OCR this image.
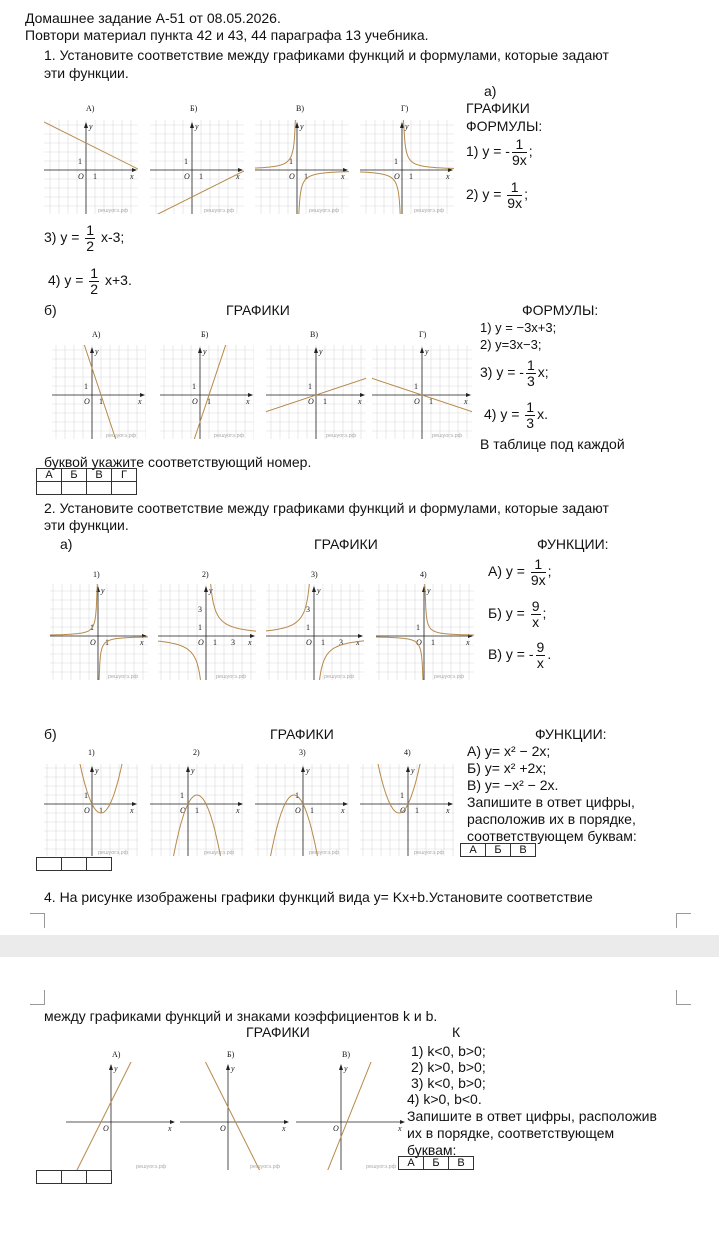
Домашнее задание А-51 от 08.05.2026.
Повтори материал пункта 42 и 43, 44 параграфа 13 учебника.
1. Установите соответствие между графиками функций и формулами, которые задают
эти функции.
а)
ГРАФИКИ
ФОРМУЛЫ:
1) y = - $\frac{1}{9x}$ ;
2) $y = \frac{1}{9x}$ ;
3) $y = \frac{1}{2} x-3$;
4) $y = \frac{1}{2} x+3$.
А)	Б)	В)	Г)
x
y
O 1
1
решуогэ.рф
x
y
O 1
1
решуогэ.рф
x
y
O 1
1
решуогэ.рф
x
y
O 1
1
решуогэ.рф
б)	ГРАФИКИ	ФОРМУЛЫ:
1) y = −3x+3;
2) y=3x−3;
3) y = - $\frac{1}{3} x$;
4) $y = \frac{1}{3} x$.
В таблице под каждой
буквой укажите соответствующий номер.
А)	Б)	В)	Г)
x
y
O 1
1
решуогэ.рф
x
y
O 1
1
решуогэ.рф
x
y
O 1
1
решуогэ.рф
x
y
O 1
1
решуогэ.рф
А	Б	В	Г

2. Установите соответствие между графиками функций и формулами, которые задают
эти функции.
а)	ГРАФИКИ	ФУНКЦИИ:
А) $y = \frac{1}{9x}$ ;
Б) $y = \frac{9}{x}$ ;
В) y = - $\frac{9}{x}$ .
1)	2)	3)	4)
x
y
O 1
1
решуогэ.рф
x
y
O 1
1
3
3
решуогэ.рф
x
y
O 1
1
3
3
решуогэ.рф
x
y
O 1
1
решуогэ.рф
б)	ГРАФИКИ	ФУНКЦИИ:
А) y= x² − 2x;
Б) y= x² +2x;
В) y= −x² − 2x.
Запишите в ответ цифры,
расположив их в порядке,
соответствующем буквам:
А	Б	В
1)	2)	3)	4)
x
y
O 1
1
решуогэ.рф
x
y
O 1
1
решуогэ.рф
x
y
O 1
1
решуогэ.рф
x
y
O 1
1
решуогэ.рф

4. На рисунке изображены графики функций вида y= Kx+b.Установите соответствие
между графиками функций и знаками коэффициентов k и b.
ГРАФИКИ	К
1) k<0, b>0;
2) k>0, b>0;
3) k<0, b>0;
4) k>0, b<0.
Запишите в ответ цифры, расположив
их в порядке, соответствующем
буквам:
А	Б	В
А)	Б)	В)
x
y
O
решуогэ.рф
x
y
O
решуогэ.рф
x
y
O
решуогэ.рф
